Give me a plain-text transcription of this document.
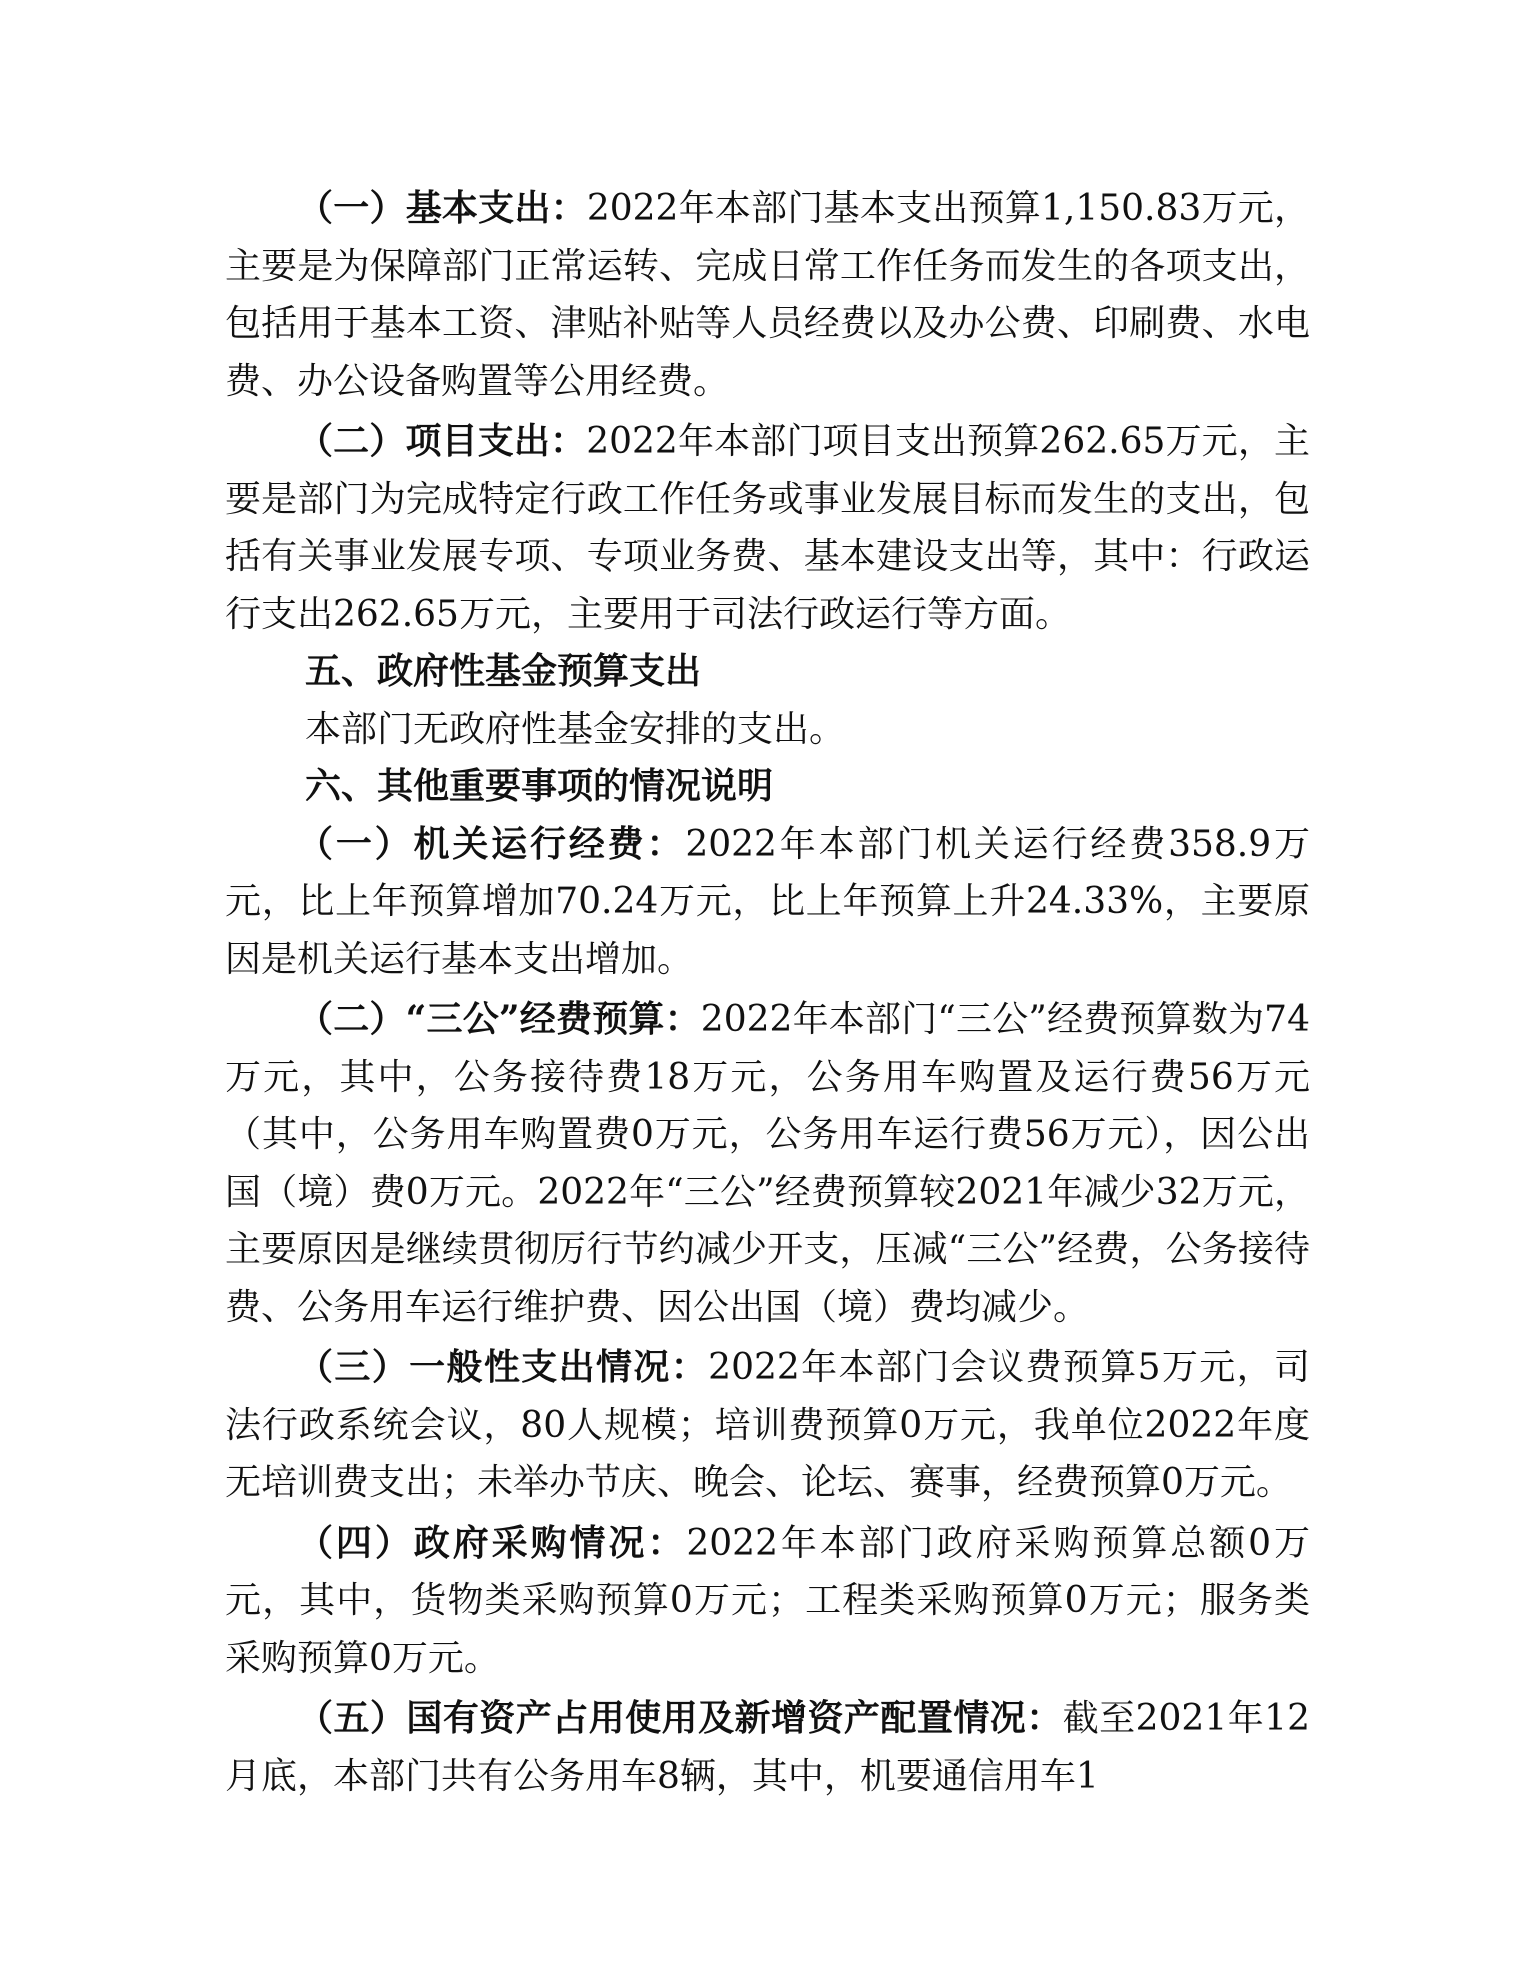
（一）基本支出：2022年本部门基本支出预算1,150.83万元，主要是为保障部门正常运转、完成日常工作任务而发生的各项支出，包括用于基本工资、津贴补贴等人员经费以及办公费、印刷费、水电费、办公设备购置等公用经费。

（二）项目支出：2022年本部门项目支出预算262.65万元，主要是部门为完成特定行政工作任务或事业发展目标而发生的支出，包括有关事业发展专项、专项业务费、基本建设支出等，其中：行政运行支出262.65万元，主要用于司法行政运行等方面。

五、政府性基金预算支出

本部门无政府性基金安排的支出。

六、其他重要事项的情况说明

（一）机关运行经费：2022年本部门机关运行经费358.9万元，比上年预算增加70.24万元，比上年预算上升24.33%，主要原因是机关运行基本支出增加。

（二）“三公”经费预算：2022年本部门“三公”经费预算数为74万元，其中，公务接待费18万元，公务用车购置及运行费56万元（其中，公务用车购置费0万元，公务用车运行费56万元），因公出国（境）费0万元。2022年“三公”经费预算较2021年减少32万元，主要原因是继续贯彻厉行节约减少开支，压减“三公”经费，公务接待费、公务用车运行维护费、因公出国（境）费均减少。

（三）一般性支出情况：2022年本部门会议费预算5万元，司法行政系统会议，80人规模；培训费预算0万元，我单位2022年度无培训费支出；未举办节庆、晚会、论坛、赛事，经费预算0万元。

（四）政府采购情况：2022年本部门政府采购预算总额0万元，其中，货物类采购预算0万元；工程类采购预算0万元；服务类采购预算0万元。

（五）国有资产占用使用及新增资产配置情况：截至2021年12月底，本部门共有公务用车8辆，其中，机要通信用车1
